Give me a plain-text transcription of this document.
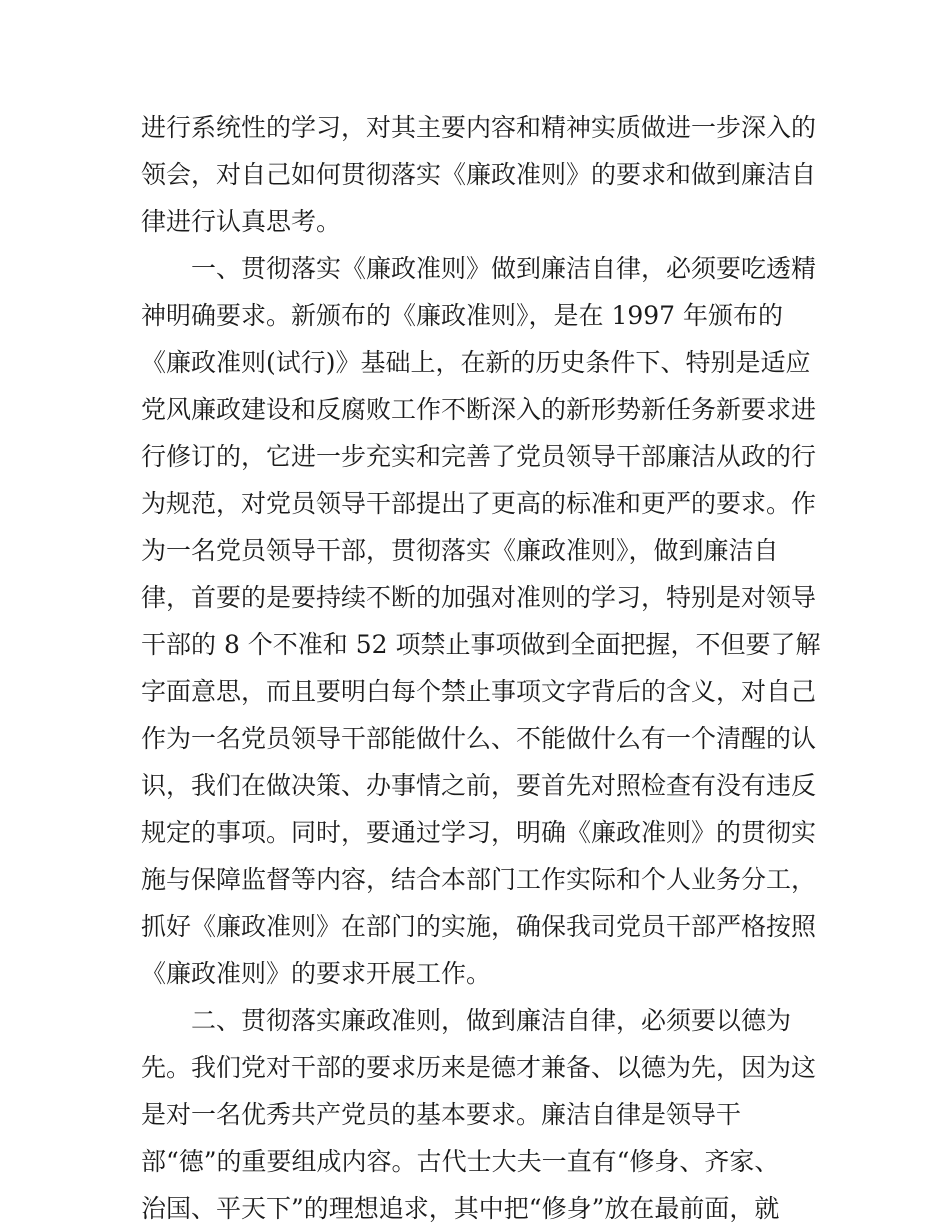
进行系统性的学习，对其主要内容和精神实质做进一步深入的
领会，对自己如何贯彻落实《廉政准则》的要求和做到廉洁自
律进行认真思考。
一、贯彻落实《廉政准则》做到廉洁自律，必须要吃透精
神明确要求。新颁布的《廉政准则》，是在 1997 年颁布的
《廉政准则(试行)》基础上，在新的历史条件下、特别是适应
党风廉政建设和反腐败工作不断深入的新形势新任务新要求进
行修订的，它进一步充实和完善了党员领导干部廉洁从政的行
为规范，对党员领导干部提出了更高的标准和更严的要求。作
为一名党员领导干部，贯彻落实《廉政准则》，做到廉洁自
律，首要的是要持续不断的加强对准则的学习，特别是对领导
干部的 8 个不准和 52 项禁止事项做到全面把握，不但要了解
字面意思，而且要明白每个禁止事项文字背后的含义，对自己
作为一名党员领导干部能做什么、不能做什么有一个清醒的认
识，我们在做决策、办事情之前，要首先对照检查有没有违反
规定的事项。同时，要通过学习，明确《廉政准则》的贯彻实
施与保障监督等内容，结合本部门工作实际和个人业务分工，
抓好《廉政准则》在部门的实施，确保我司党员干部严格按照
《廉政准则》的要求开展工作。
二、贯彻落实廉政准则，做到廉洁自律，必须要以德为
先。我们党对干部的要求历来是德才兼备、以德为先，因为这
是对一名优秀共产党员的基本要求。廉洁自律是领导干
部“德”的重要组成内容。古代士大夫一直有“修身、齐家、
治国、平天下”的理想追求，其中把“修身”放在最前面，就
